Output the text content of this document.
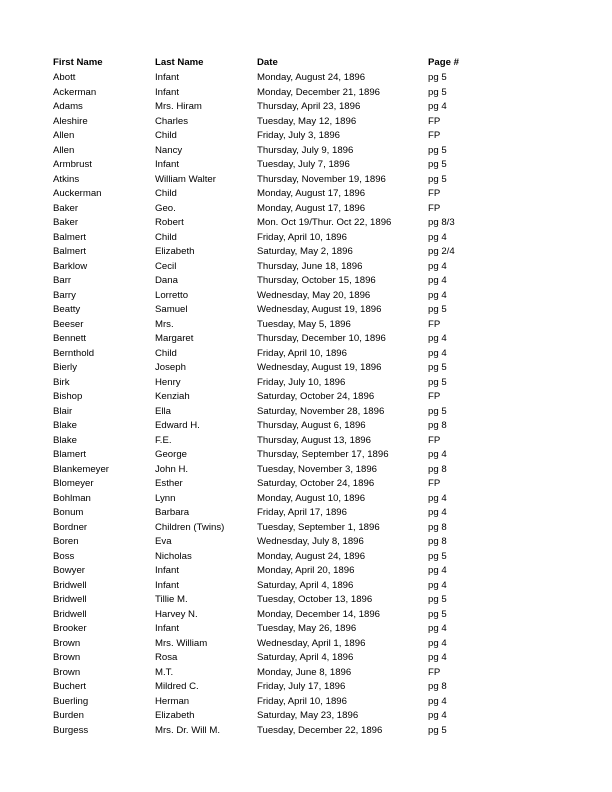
First Name	Last Name	Date	Page #
Abott	Infant	Monday, August 24, 1896	pg 5
Ackerman	Infant	Monday, December 21, 1896	pg 5
Adams	Mrs. Hiram	Thursday, April 23, 1896	pg 4
Aleshire	Charles	Tuesday, May 12, 1896	FP
Allen	Child	Friday, July 3, 1896	FP
Allen	Nancy	Thursday, July 9, 1896	pg 5
Armbrust	Infant	Tuesday, July 7, 1896	pg 5
Atkins	William Walter	Thursday, November 19, 1896	pg 5
Auckerman	Child	Monday, August 17, 1896	FP
Baker	Geo.	Monday, August 17, 1896	FP
Baker	Robert	Mon. Oct 19/Thur. Oct 22, 1896	pg 8/3
Balmert	Child	Friday, April 10, 1896	pg 4
Balmert	Elizabeth	Saturday, May 2, 1896	pg 2/4
Barklow	Cecil	Thursday, June 18, 1896	pg 4
Barr	Dana	Thursday, October 15, 1896	pg 4
Barry	Lorretto	Wednesday, May 20, 1896	pg 4
Beatty	Samuel	Wednesday, August 19, 1896	pg 5
Beeser	Mrs.	Tuesday, May 5, 1896	FP
Bennett	Margaret	Thursday, December 10, 1896	pg 4
Bernthold	Child	Friday, April 10, 1896	pg 4
Bierly	Joseph	Wednesday, August 19, 1896	pg 5
Birk	Henry	Friday, July 10, 1896	pg 5
Bishop	Kenziah	Saturday, October 24, 1896	FP
Blair	Ella	Saturday, November 28, 1896	pg 5
Blake	Edward H.	Thursday, August 6, 1896	pg 8
Blake	F.E.	Thursday, August 13, 1896	FP
Blamert	George	Thursday, September 17, 1896	pg 4
Blankemeyer	John H.	Tuesday, November 3, 1896	pg 8
Blomeyer	Esther	Saturday, October 24, 1896	FP
Bohlman	Lynn	Monday, August 10, 1896	pg 4
Bonum	Barbara	Friday, April 17, 1896	pg 4
Bordner	Children (Twins)	Tuesday, September 1, 1896	pg 8
Boren	Eva	Wednesday, July 8, 1896	pg 8
Boss	Nicholas	Monday, August 24, 1896	pg 5
Bowyer	Infant	Monday, April 20, 1896	pg 4
Bridwell	Infant	Saturday, April 4, 1896	pg 4
Bridwell	Tillie M.	Tuesday, October 13, 1896	pg 5
Bridwell	Harvey N.	Monday, December 14, 1896	pg 5
Brooker	Infant	Tuesday, May 26, 1896	pg 4
Brown	Mrs. William	Wednesday, April 1, 1896	pg 4
Brown	Rosa	Saturday, April 4, 1896	pg 4
Brown	M.T.	Monday, June 8, 1896	FP
Buchert	Mildred C.	Friday, July 17, 1896	pg 8
Buerling	Herman	Friday, April 10, 1896	pg 4
Burden	Elizabeth	Saturday, May 23, 1896	pg 4
Burgess	Mrs. Dr. Will M.	Tuesday, December 22, 1896	pg 5
